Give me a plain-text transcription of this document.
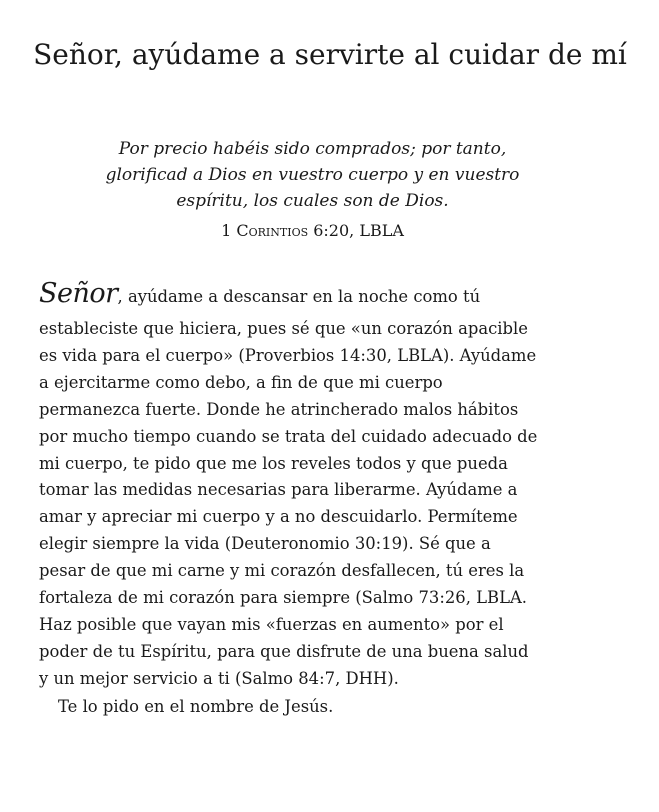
Señor, ayúdame a servirte al cuidar de mí

Por precio habéis sido comprados; por tanto, glorificad a Dios en vuestro cuerpo y en vuestro espíritu, los cuales son de Dios.

1 Corintios 6:20, LBLA

Señor, ayúdame a descansar en la noche como tú
estableciste que hiciera, pues sé que «un corazón apacible
es vida para el cuerpo» (Proverbios 14:30, LBLA). Ayúdame
a ejercitarme como debo, a fin de que mi cuerpo
permanezca fuerte. Donde he atrincherado malos hábitos
por mucho tiempo cuando se trata del cuidado adecuado de
mi cuerpo, te pido que me los reveles todos y que pueda
tomar las medidas necesarias para liberarme. Ayúdame a
amar y apreciar mi cuerpo y a no descuidarlo. Permíteme
elegir siempre la vida (Deuteronomio 30:19). Sé que a
pesar de que mi carne y mi corazón desfallecen, tú eres la
fortaleza de mi corazón para siempre (Salmo 73:26, LBLA.
Haz posible que vayan mis «fuerzas en aumento» por el
poder de tu Espíritu, para que disfrute de una buena salud
y un mejor servicio a ti (Salmo 84:7, DHH).

Te lo pido en el nombre de Jesús.
